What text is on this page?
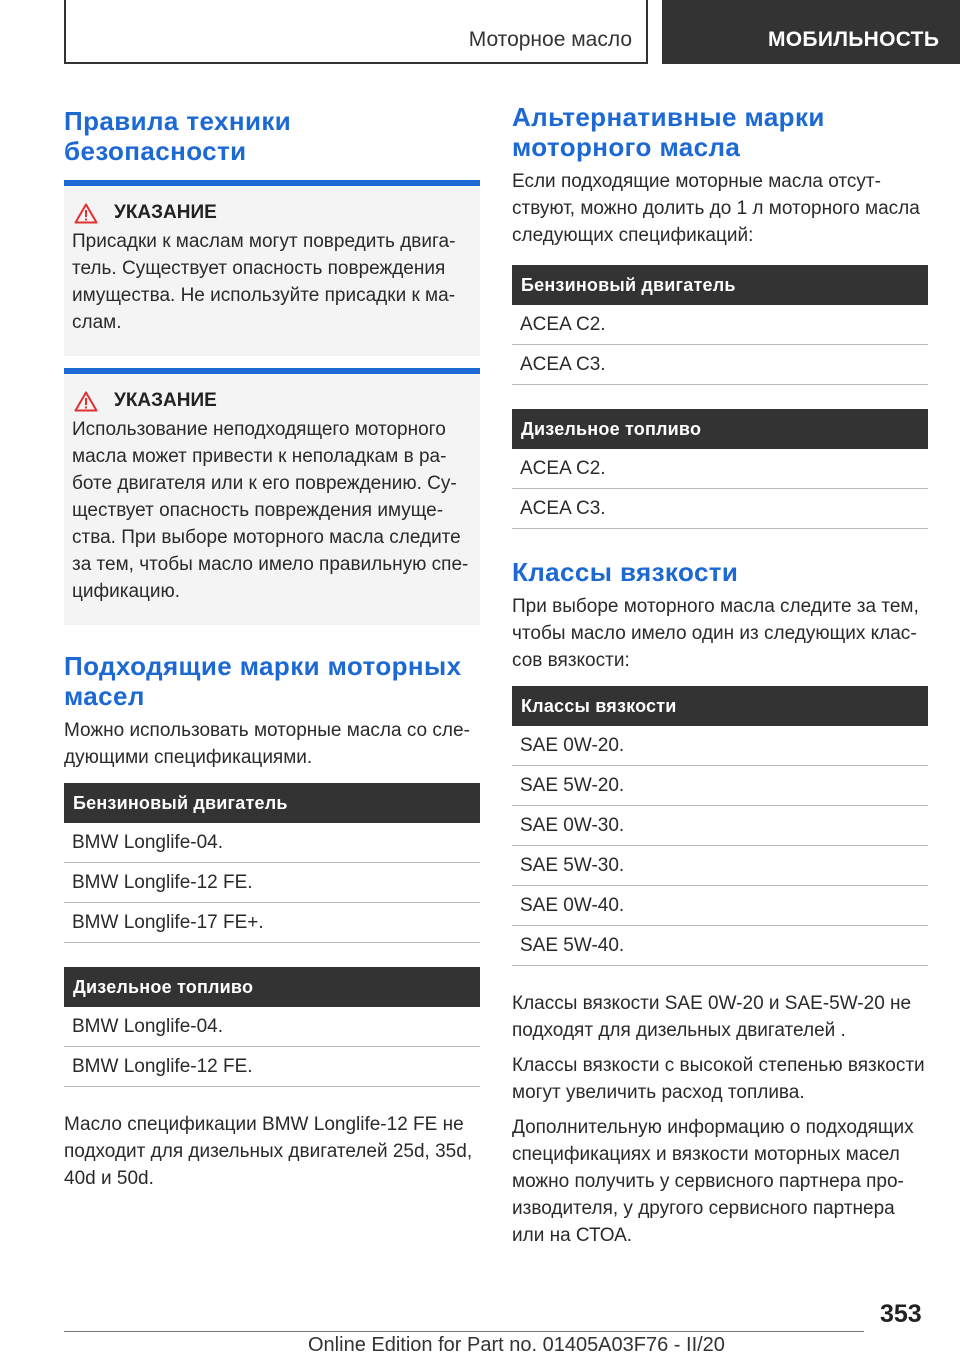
Моторное масло	МОБИЛЬНОСТЬ
Правила техники безопасности
УКАЗАНИЕ

Присадки к маслам могут повредить двигатель. Существует опасность повреждения имущества. Не используйте присадки к маслам.

УКАЗАНИЕ

Использование неподходящего моторного масла может привести к неполадкам в работе двигателя или к его повреждению. Существует опасность повреждения имущества. При выборе моторного масла следите за тем, чтобы масло имело правильную спецификацию.

Подходящие марки моторных масел

Можно использовать моторные масла со следующими спецификациями.

Бензиновый двигатель
BMW Longlife-04.
BMW Longlife-12 FE.
BMW Longlife-17 FE+.
Дизельное топливо
BMW Longlife-04.
BMW Longlife-12 FE.

Масло спецификации BMW Longlife-12 FE не подходит для дизельных двигателей 25d, 35d, 40d и 50d.

Альтернативные марки моторного масла

Если подходящие моторные масла отсутствуют, можно долить до 1 л моторного масла следующих спецификаций:

Бензиновый двигатель
ACEA C2.
ACEA C3.
Дизельное топливо
ACEA C2.
ACEA C3.
Классы вязкости

При выборе моторного масла следите за тем, чтобы масло имело один из следующих классов вязкости:

Классы вязкости
SAE 0W-20.
SAE 5W-20.
SAE 0W-30.
SAE 5W-30.
SAE 0W-40.
SAE 5W-40.

Классы вязкости SAE 0W-20 и SAE-5W-20 не подходят для дизельных двигателей .

Классы вязкости с высокой степенью вязкости могут увеличить расход топлива.

Дополнительную информацию о подходящих спецификациях и вязкости моторных масел можно получить у сервисного партнера производителя, у другого сервисного партнера или на СТОА.

353
Online Edition for Part no. 01405A03F76 - II/20
